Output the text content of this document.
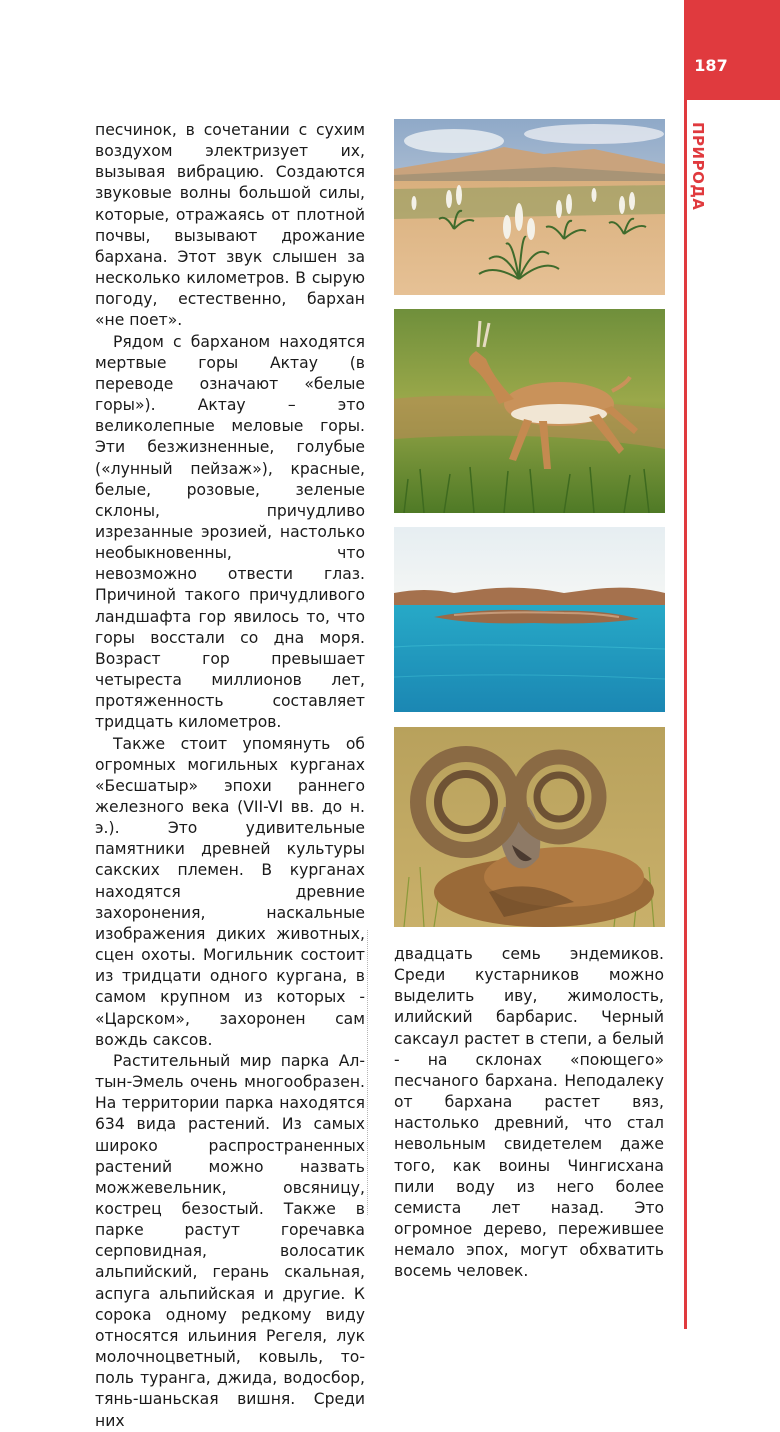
187
ПРИРОДА

песчинок, в сочетании с сухим воздухом электризует их, вызывая вибрацию. Создаются звуковые волны большой силы, которые, отражаясь от плотной почвы, вызывают дрожание бархана. Этот звук слышен за несколько километров. В сырую погоду, естественно, бархан «не поет».

Рядом с барханом находятся мертвые горы Актау (в переводе означают «белые горы»). Актау – это великолепные меловые горы. Эти безжизненные, голубые («лунный пейзаж»), красные, белые, розовые, зеленые склоны, причудливо изрезанные эрозией, настолько необыкновенны, что невозможно отвести глаз. Причиной такого причудливого ландшафта гор явилось то, что горы восстали со дна моря. Возраст гор превышает четыреста миллионов лет, протяженность составляет тридцать километров.

Также стоит упомянуть об огромных могильных курганах «Бесшатыр» эпохи раннего железного века (VII-VI вв. до н. э.). Это удивительные памятники древней культуры сакских племен. В курганах находятся древние захоронения, наскальные изображения диких животных, сцен охоты. Могильник состоит из тридцати одного кургана, в самом крупном из которых - «Царском», захоронен сам вождь саксов.

Растительный мир парка Алтын-Эмель очень многообразен. На территории парка находятся 634 вида растений. Из самых широко распространенных растений можно назвать можжевельник, овсяницу, кострец безостый. Также в парке растут горечавка серповидная, волосатик альпийский, герань скальная, аспуга альпийская и другие. К сорока одному редкому виду относятся ильиния Регеля, лук молочноцветный, ковыль, тополь туранга, джида, водосбор, тянь-шаньская вишня. Среди них

двадцать семь эндемиков. Среди кустарников можно выделить иву, жимолость, илийский барбарис. Черный саксаул растет в степи, а белый - на склонах «поющего» песчаного бархана. Неподалеку от бархана растет вяз, настолько древний, что стал невольным свидетелем даже того, как воины Чингисхана пили воду из него более семиста лет назад. Это огромное дерево, пережившее немало эпох, могут обхватить восемь человек.
